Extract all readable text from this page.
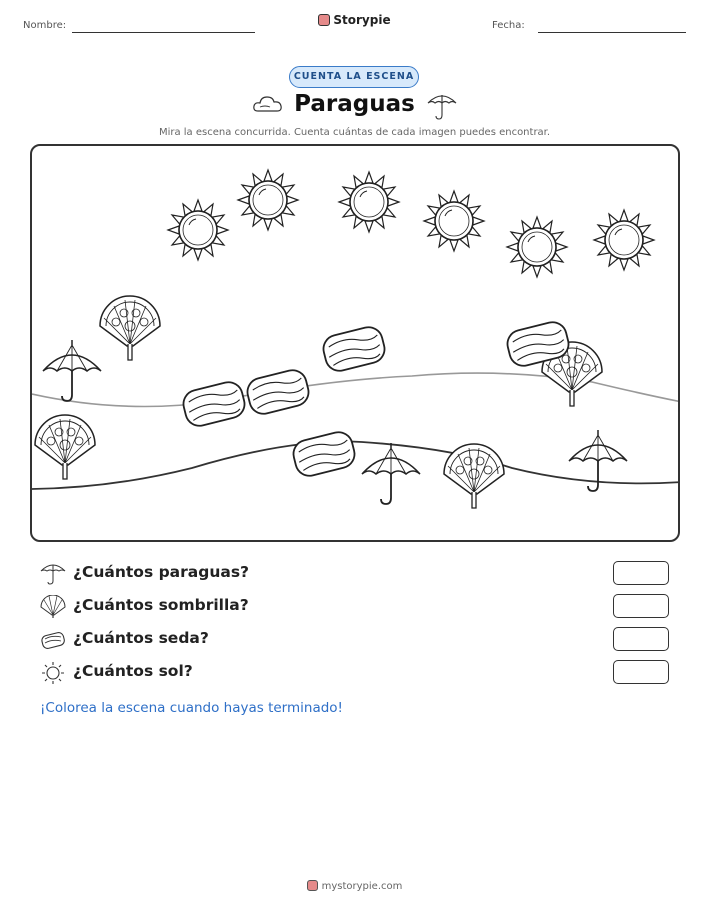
Nombre:	Storypie	Fecha:
CUENTA LA ESCENA
Paraguas
Mira la escena concurrida. Cuenta cuántas de cada imagen puedes encontrar.
¿Cuántos paraguas?
¿Cuántos sombrilla?
¿Cuántos seda?
¿Cuántos sol?
¡Colorea la escena cuando hayas terminado!
mystorypie.com
